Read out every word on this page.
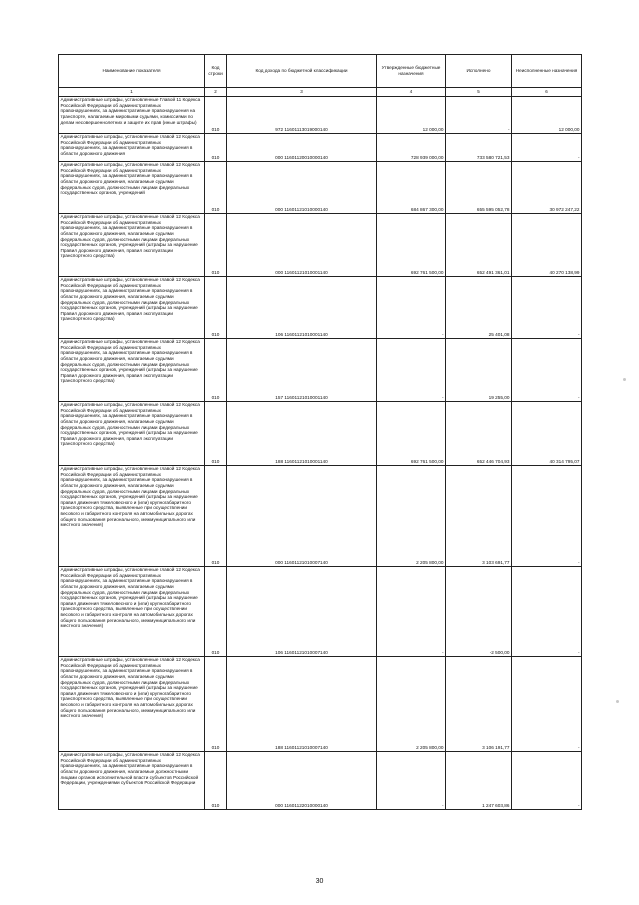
Наименование показателя	Код строки	Код дохода по бюджетной классификации	Утвержденные бюджетные назначения	Исполнено	Неисполненные назначения
1	2	3	4	5	6
Административные штрафы, установленные Главой 11 Кодекса Российской Федерации об административных правонарушениях, за административные правонарушения на транспорте, налагаемые мировыми судьями, комиссиями по делам несовершеннолетних и защите их прав (иные штрафы)	010	972 11601113019000140	12 000,00	-	12 000,00
Административные штрафы, установленные главой 12 Кодекса Российской Федерации об административных правонарушениях, за административные правонарушения в области дорожного движения	010	000 11601120010000140	728 939 000,00	733 580 721,53	-
Административные штрафы, установленные главой 12 Кодекса Российской Федерации об административных правонарушениях, за административные правонарушения в области дорожного движения, налагаемые судьями федеральных судов, должностными лицами федеральных государственных органов, учреждений	010	000 11601121010000140	684 867 300,00	655 595 052,78	30 972 247,22
Административные штрафы, установленные главой 12 Кодекса Российской Федерации об административных правонарушениях, за административные правонарушения в области дорожного движения, налагаемые судьями федеральных судов, должностными лицами федеральных государственных органов, учреждений (штрафы за нарушение Правил дорожного движения, правил эксплуатации транспортного средства)	010	000 11601121010001140	692 761 500,00	652 491 361,01	40 270 138,99
Административные штрафы, установленные главой 12 Кодекса Российской Федерации об административных правонарушениях, за административные правонарушения в области дорожного движения, налагаемые судьями федеральных судов, должностными лицами федеральных государственных органов, учреждений (штрафы за нарушение Правил дорожного движения, правил эксплуатации транспортного средства)	010	106 11601121010001140	-	25 401,08	-
Административные штрафы, установленные главой 12 Кодекса Российской Федерации об административных правонарушениях, за административные правонарушения в области дорожного движения, налагаемые судьями федеральных судов, должностными лицами федеральных государственных органов, учреждений (штрафы за нарушение Правил дорожного движения, правил эксплуатации транспортного средства)	010	157 11601121010001140	-	19 255,00	-
Административные штрафы, установленные главой 12 Кодекса Российской Федерации об административных правонарушениях, за административные правонарушения в области дорожного движения, налагаемые судьями федеральных судов, должностными лицами федеральных государственных органов, учреждений (штрафы за нарушение Правил дорожного движения, правил эксплуатации транспортного средства)	010	188 11601121010001140	692 761 500,00	652 446 704,93	40 314 795,07
Административные штрафы, установленные главой 12 Кодекса Российской Федерации об административных правонарушениях, за административные правонарушения в области дорожного движения, налагаемые судьями федеральных судов, должностными лицами федеральных государственных органов, учреждений (штрафы за нарушение правил движения тяжеловесного и (или) крупногабаритного транспортного средства, выявленные при осуществлении весового и габаритного контроля на автомобильных дорогах общего пользования регионального, межмуниципального или местного значения)	010	000 11601121010007140	2 205 800,00	3 103 691,77	-
Административные штрафы, установленные главой 12 Кодекса Российской Федерации об административных правонарушениях, за административные правонарушения в области дорожного движения, налагаемые судьями федеральных судов, должностными лицами федеральных государственных органов, учреждений (штрафы за нарушение правил движения тяжеловесного и (или) крупногабаритного транспортного средства, выявленные при осуществлении весового и габаритного контроля на автомобильных дорогах общего пользования регионального, межмуниципального или местного значения)	010	106 11601121010007140	-	-2 500,00	-
Административные штрафы, установленные главой 12 Кодекса Российской Федерации об административных правонарушениях, за административные правонарушения в области дорожного движения, налагаемые судьями федеральных судов, должностными лицами федеральных государственных органов, учреждений (штрафы за нарушение правил движения тяжеловесного и (или) крупногабаритного транспортного средства, выявленные при осуществлении весового и габаритного контроля на автомобильных дорогах общего пользования регионального, межмуниципального или местного значения)	010	188 11601121010007140	2 205 800,00	3 106 191,77	-
Административные штрафы, установленные главой 12 Кодекса Российской Федерации об административных правонарушениях, за административные правонарушения в области дорожного движения, налагаемые должностными лицами органов исполнительной власти субъектов Российской Федерации, учреждениями субъектов Российской Федерации	010	000 11601122010000140	-	1 247 603,86	-
30
